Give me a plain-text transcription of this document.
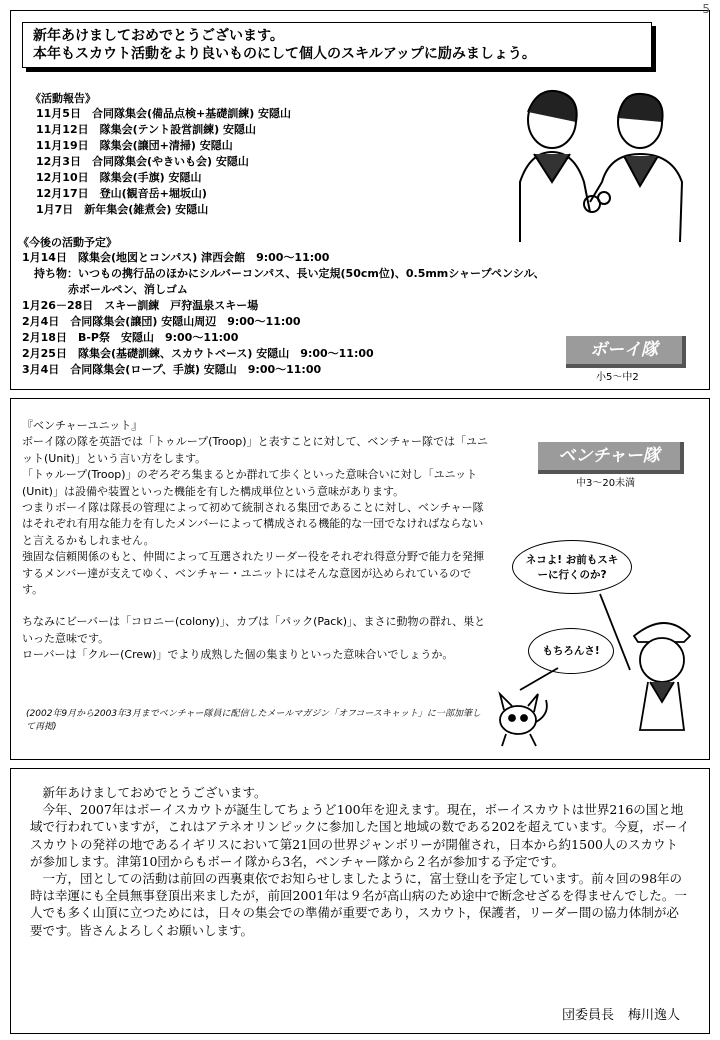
5
新年あけましておめでとうございます。
本年もスカウト活動をより良いものにして個人のスキルアップに励みましょう。
《活動報告》
11月5日　合同隊集会(備品点検+基礎訓練) 安隠山
11月12日　隊集会(テント設営訓練) 安隠山
11月19日　隊集会(譲団+清掃) 安隠山
12月3日　合同隊集会(やきいも会) 安隠山
12月10日　隊集会(手旗) 安隠山
12月17日　登山(観音岳+堀坂山)
1月7日　新年集会(雑煮会) 安隠山
《今後の活動予定》
1月14日　隊集会(地図とコンパス) 津西会館　9:00～11:00
持ち物：いつもの携行品のほかにシルバーコンパス、長い定規(50cm位)、0.5mmシャープペンシル、
赤ボールペン、消しゴム
1月26－28日　スキー訓練　戸狩温泉スキー場
2月4日　合同隊集会(譲団) 安隠山周辺　9:00～11:00
2月18日　B-P祭　安隠山　9:00～11:00
2月25日　隊集会(基礎訓練、スカウトベース) 安隠山　9:00～11:00
3月4日　合同隊集会(ロープ、手旗) 安隠山　9:00～11:00
ボーイ隊
小5～中2

『ベンチャーユニット』

ボーイ隊の隊を英語では「トゥループ(Troop)」と表すことに対して、ベンチャー隊では「ユニット(Unit)」という言い方をします。

「トゥループ(Troop)」のぞろぞろ集まるとか群れて歩くといった意味合いに対し「ユニット(Unit)」は設備や装置といった機能を有した構成単位という意味があります。

つまりボーイ隊は隊長の管理によって初めて統制される集団であることに対し、ベンチャー隊はそれぞれ有用な能力を有したメンバーによって構成される機能的な一団でなければならないと言えるかもしれません。

強固な信頼関係のもと、仲間によって互選されたリーダー役をそれぞれ得意分野で能力を発揮するメンバー達が支えてゆく、ベンチャー・ユニットにはそんな意図が込められているのです。

ちなみにビーバーは「コロニー(colony)」、カブは「パック(Pack)」、まさに動物の群れ、巣といった意味です。

ローバーは「クルー(Crew)」でより成熟した個の集まりといった意味合いでしょうか。

(2002年9月から2003年3月までベンチャー隊員に配信したメールマガジン「オフコースキャット」に一部加筆して再掲)
ベンチャー隊
中3～20未満
ネコよ! お前もスキーに行くのか?
もちろんさ!

新年あけましておめでとうございます。

今年、2007年はボーイスカウトが誕生してちょうど100年を迎えます。現在，ボーイスカウトは世界216の国と地域で行われていますが，これはアテネオリンピックに参加した国と地域の数である202を超えています。今夏，ボーイスカウトの発祥の地であるイギリスにおいて第21回の世界ジャンボリーが開催され，日本から約1500人のスカウトが参加します。津第10団からもボーイ隊から3名，ベンチャー隊から２名が参加する予定です。

一方，団としての活動は前回の西裏東依でお知らせしましたように，富士登山を予定しています。前々回の98年の時は幸運にも全員無事登頂出来ましたが，前回2001年は９名が高山病のため途中で断念せざるを得ませんでした。一人でも多く山頂に立つためには，日々の集会での準備が重要であり，スカウト，保護者，リーダー間の協力体制が必要です。皆さんよろしくお願いします。

団委員長 梅川逸人
